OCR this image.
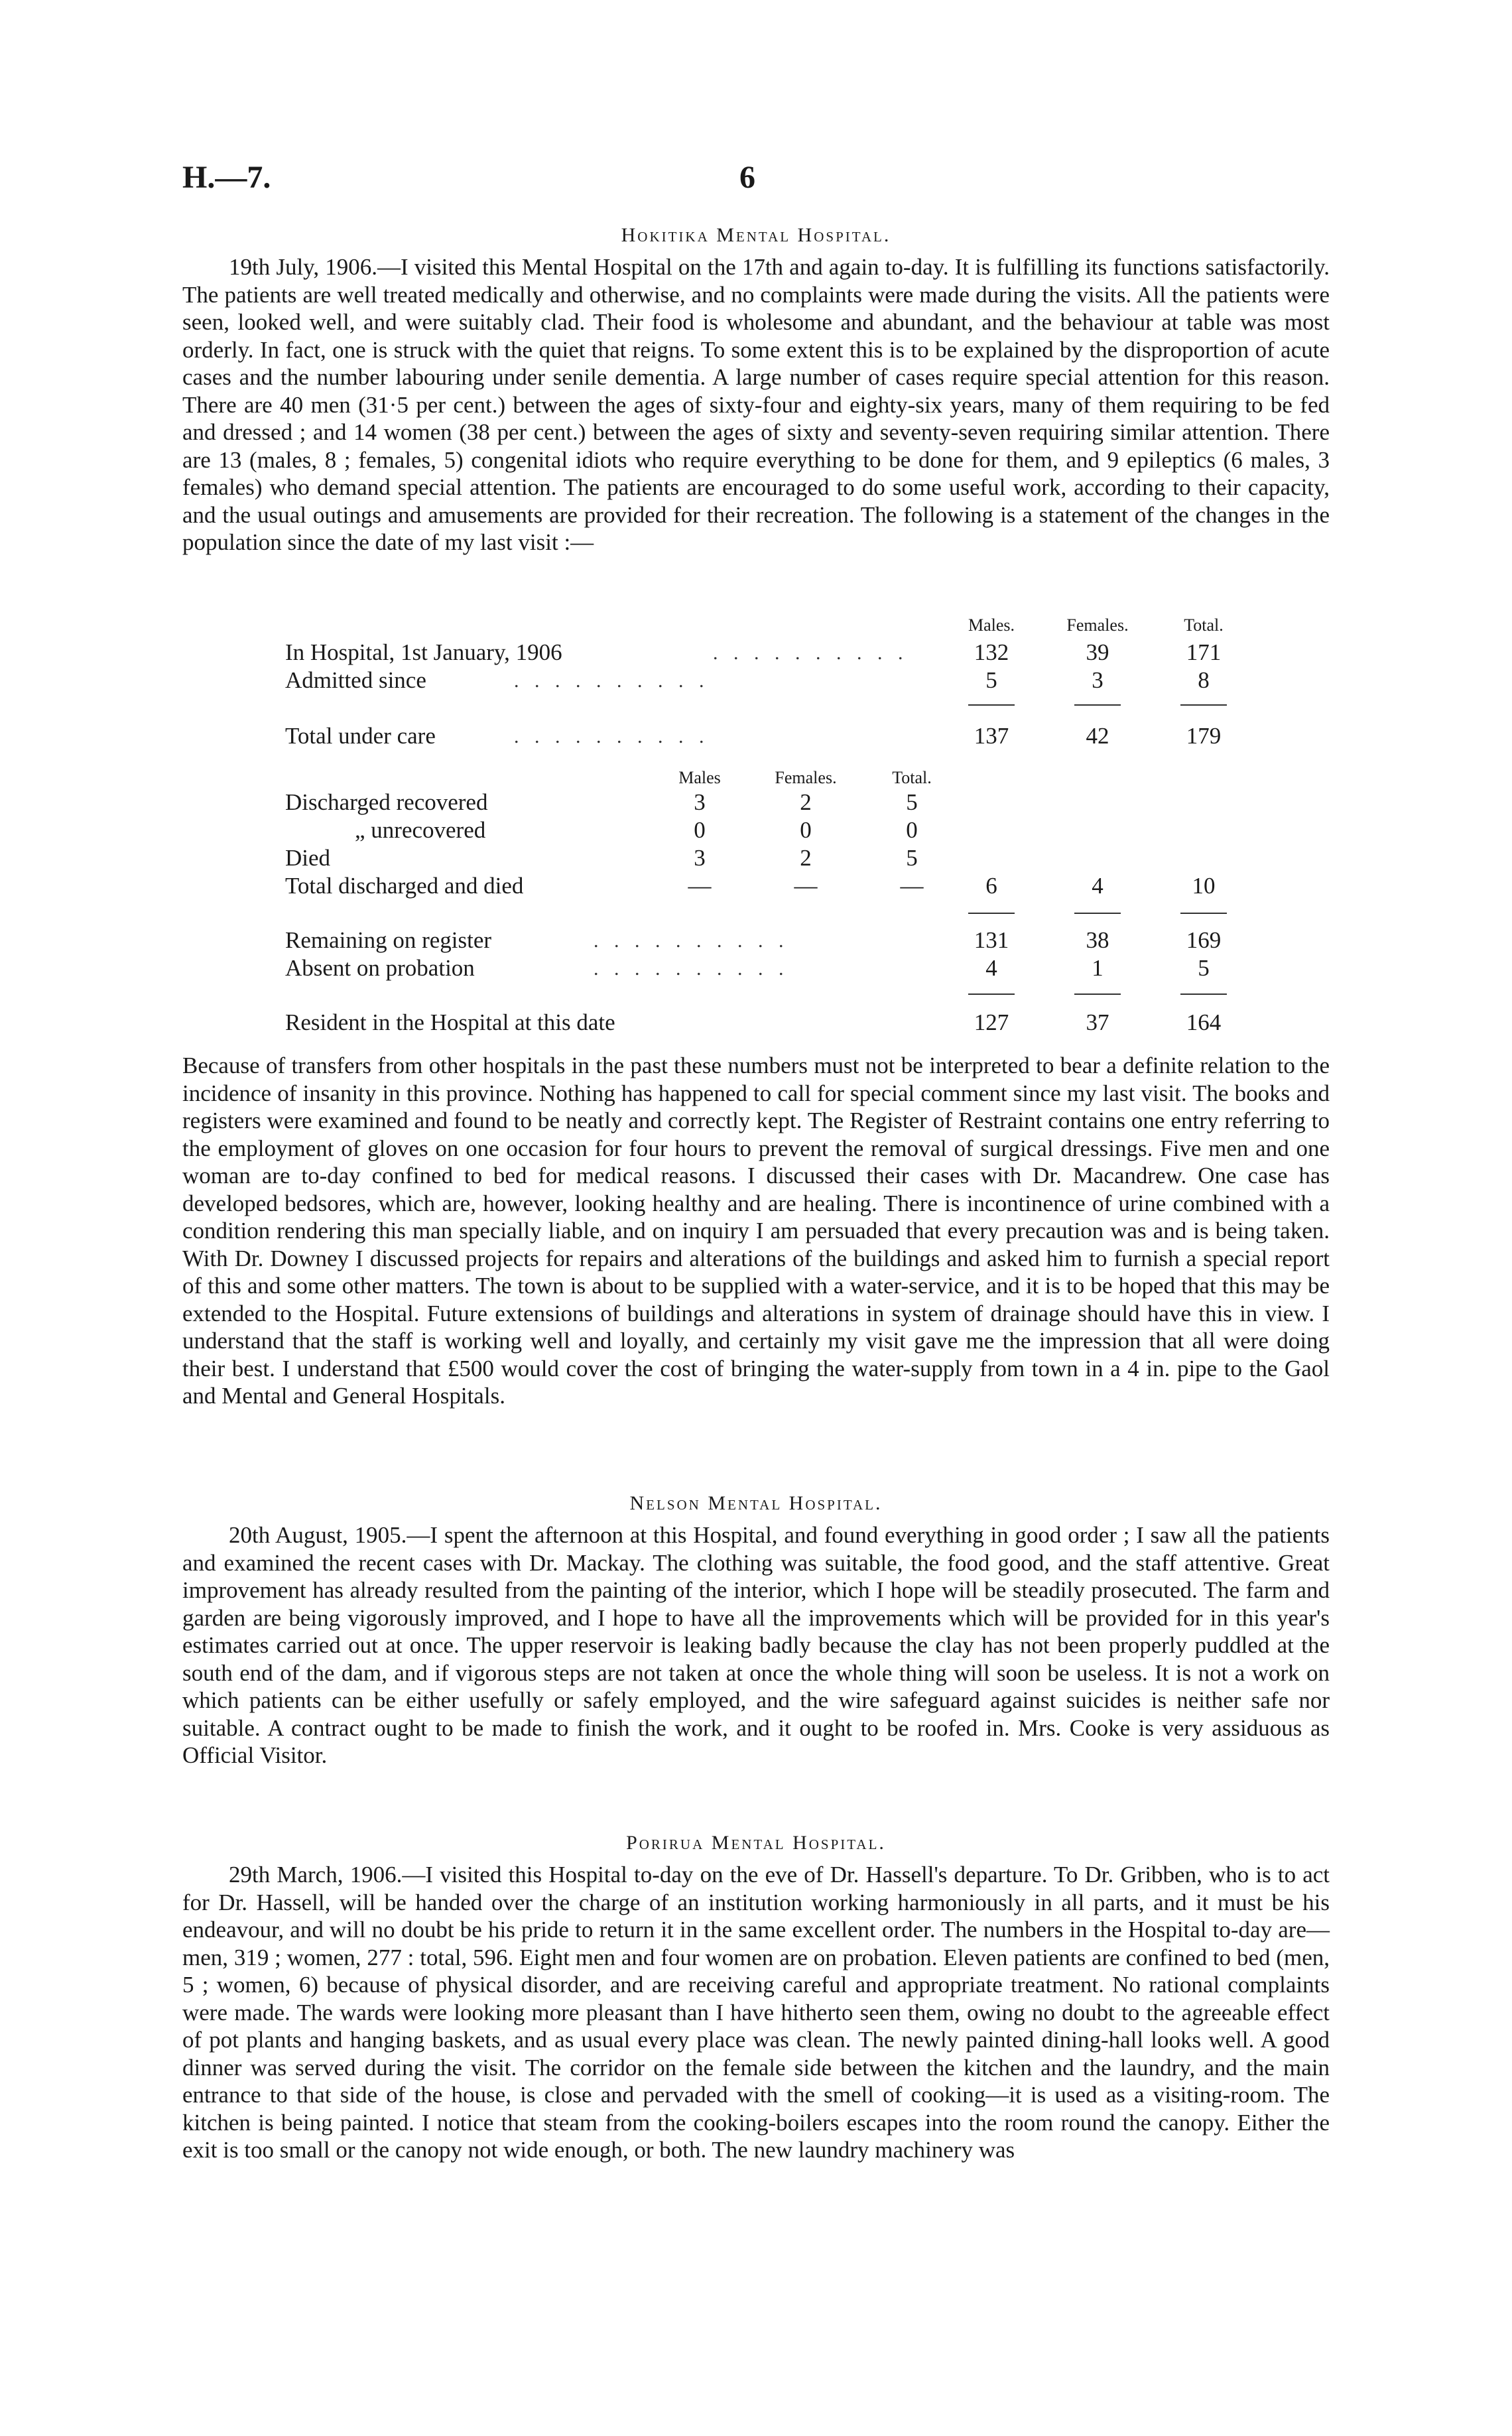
H.—7.	6
Hokitika Mental Hospital.

19th July, 1906.—I visited this Mental Hospital on the 17th and again to-day. It is fulfilling its functions satisfactorily. The patients are well treated medically and otherwise, and no complaints were made during the visits. All the patients were seen, looked well, and were suitably clad. Their food is wholesome and abundant, and the behaviour at table was most orderly. In fact, one is struck with the quiet that reigns. To some extent this is to be explained by the disproportion of acute cases and the number labouring under senile dementia. A large number of cases require special attention for this reason. There are 40 men (31·5 per cent.) between the ages of sixty-four and eighty-six years, many of them requiring to be fed and dressed ; and 14 women (38 per cent.) between the ages of sixty and seventy-seven requiring similar attention. There are 13 (males, 8 ; females, 5) congenital idiots who require everything to be done for them, and 9 epileptics (6 males, 3 females) who demand special attention. The patients are encouraged to do some useful work, according to their capacity, and the usual outings and amusements are provided for their recreation. The following is a statement of the changes in the population since the date of my last visit :—

Males.	Females.	Total.
In Hospital, 1st January, 1906	. . . . . . . . . .	132	39	171
Admitted since	. . . . . . . . . .	5	3	8
Total under care	. . . . . . . . . .	137	42	179
Males	Females.	Total.
Discharged recovered	3	2	5
„ unrecovered	0	0	0
Died	3	2	5
Total discharged and died	—	—	—	6	4	10
Remaining on register	. . . . . . . . . .	131	38	169
Absent on probation	. . . . . . . . . .	4	1	5
Resident in the Hospital at this date	127	37	164

Because of transfers from other hospitals in the past these numbers must not be interpreted to bear a definite relation to the incidence of insanity in this province. Nothing has happened to call for special comment since my last visit. The books and registers were examined and found to be neatly and correctly kept. The Register of Restraint contains one entry referring to the employment of gloves on one occasion for four hours to prevent the removal of surgical dressings. Five men and one woman are to-day confined to bed for medical reasons. I discussed their cases with Dr. Macandrew. One case has developed bedsores, which are, however, looking healthy and are healing. There is incontinence of urine combined with a condition rendering this man specially liable, and on inquiry I am persuaded that every precaution was and is being taken. With Dr. Downey I discussed projects for repairs and alterations of the buildings and asked him to furnish a special report of this and some other matters. The town is about to be supplied with a water-service, and it is to be hoped that this may be extended to the Hospital. Future extensions of buildings and alterations in system of drainage should have this in view. I understand that the staff is working well and loyally, and certainly my visit gave me the impression that all were doing their best. I understand that £500 would cover the cost of bringing the water-supply from town in a 4 in. pipe to the Gaol and Mental and General Hospitals.

Nelson Mental Hospital.

20th August, 1905.—I spent the afternoon at this Hospital, and found everything in good order ; I saw all the patients and examined the recent cases with Dr. Mackay. The clothing was suitable, the food good, and the staff attentive. Great improvement has already resulted from the painting of the interior, which I hope will be steadily prosecuted. The farm and garden are being vigorously improved, and I hope to have all the improvements which will be provided for in this year's estimates carried out at once. The upper reservoir is leaking badly because the clay has not been properly puddled at the south end of the dam, and if vigorous steps are not taken at once the whole thing will soon be useless. It is not a work on which patients can be either usefully or safely employed, and the wire safeguard against suicides is neither safe nor suitable. A contract ought to be made to finish the work, and it ought to be roofed in. Mrs. Cooke is very assiduous as Official Visitor.

Porirua Mental Hospital.

29th March, 1906.—I visited this Hospital to-day on the eve of Dr. Hassell's departure. To Dr. Gribben, who is to act for Dr. Hassell, will be handed over the charge of an institution working harmoniously in all parts, and it must be his endeavour, and will no doubt be his pride to return it in the same excellent order. The numbers in the Hospital to-day are—men, 319 ; women, 277 : total, 596. Eight men and four women are on probation. Eleven patients are confined to bed (men, 5 ; women, 6) because of physical disorder, and are receiving careful and appropriate treatment. No rational complaints were made. The wards were looking more pleasant than I have hitherto seen them, owing no doubt to the agreeable effect of pot plants and hanging baskets, and as usual every place was clean. The newly painted dining-hall looks well. A good dinner was served during the visit. The corridor on the female side between the kitchen and the laundry, and the main entrance to that side of the house, is close and pervaded with the smell of cooking—it is used as a visiting-room. The kitchen is being painted. I notice that steam from the cooking-boilers escapes into the room round the canopy. Either the exit is too small or the canopy not wide enough, or both. The new laundry machinery was
